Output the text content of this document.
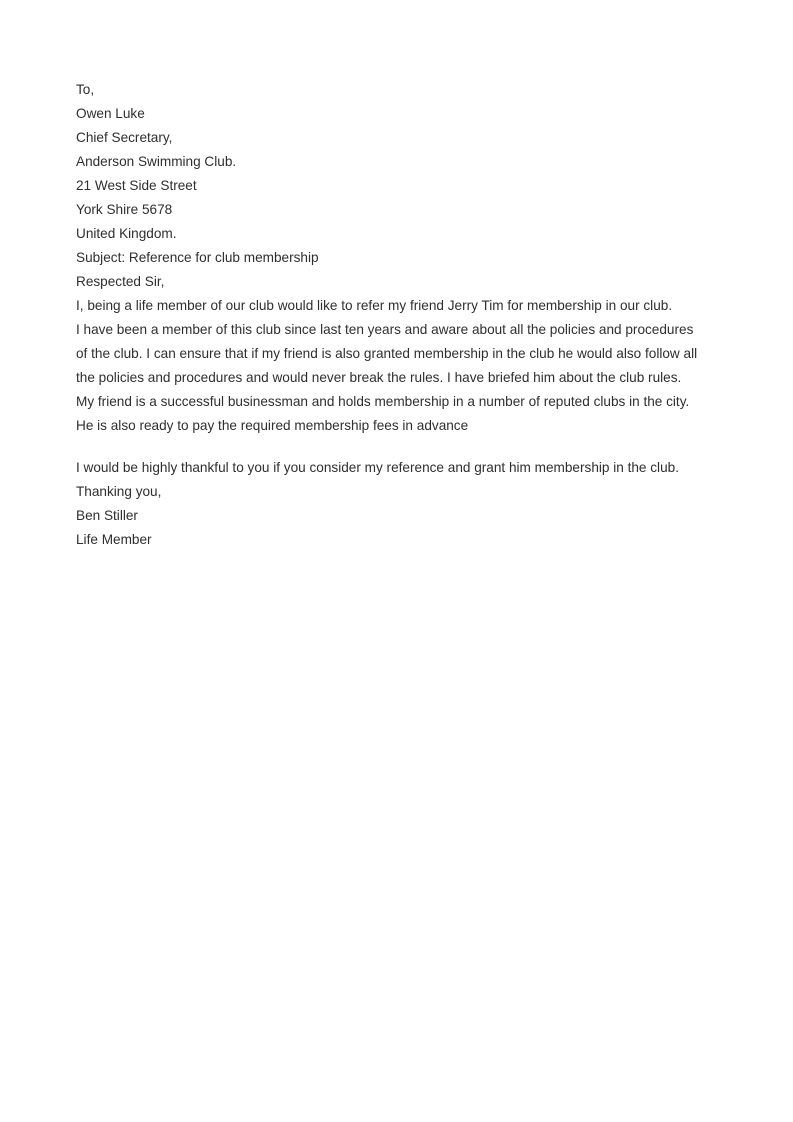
To,
Owen Luke
Chief Secretary,
Anderson Swimming Club.
21 West Side Street
York Shire 5678
United Kingdom.
Subject: Reference for club membership
Respected Sir,
I, being a life member of our club would like to refer my friend Jerry Tim for membership in our club.
I have been a member of this club since last ten years and aware about all the policies and procedures
of the club. I can ensure that if my friend is also granted membership in the club he would also follow all
the policies and procedures and would never break the rules. I have briefed him about the club rules.
My friend is a successful businessman and holds membership in a number of reputed clubs in the city.
He is also ready to pay the required membership fees in advance
I would be highly thankful to you if you consider my reference and grant him membership in the club.
Thanking you,
Ben Stiller
Life Member
